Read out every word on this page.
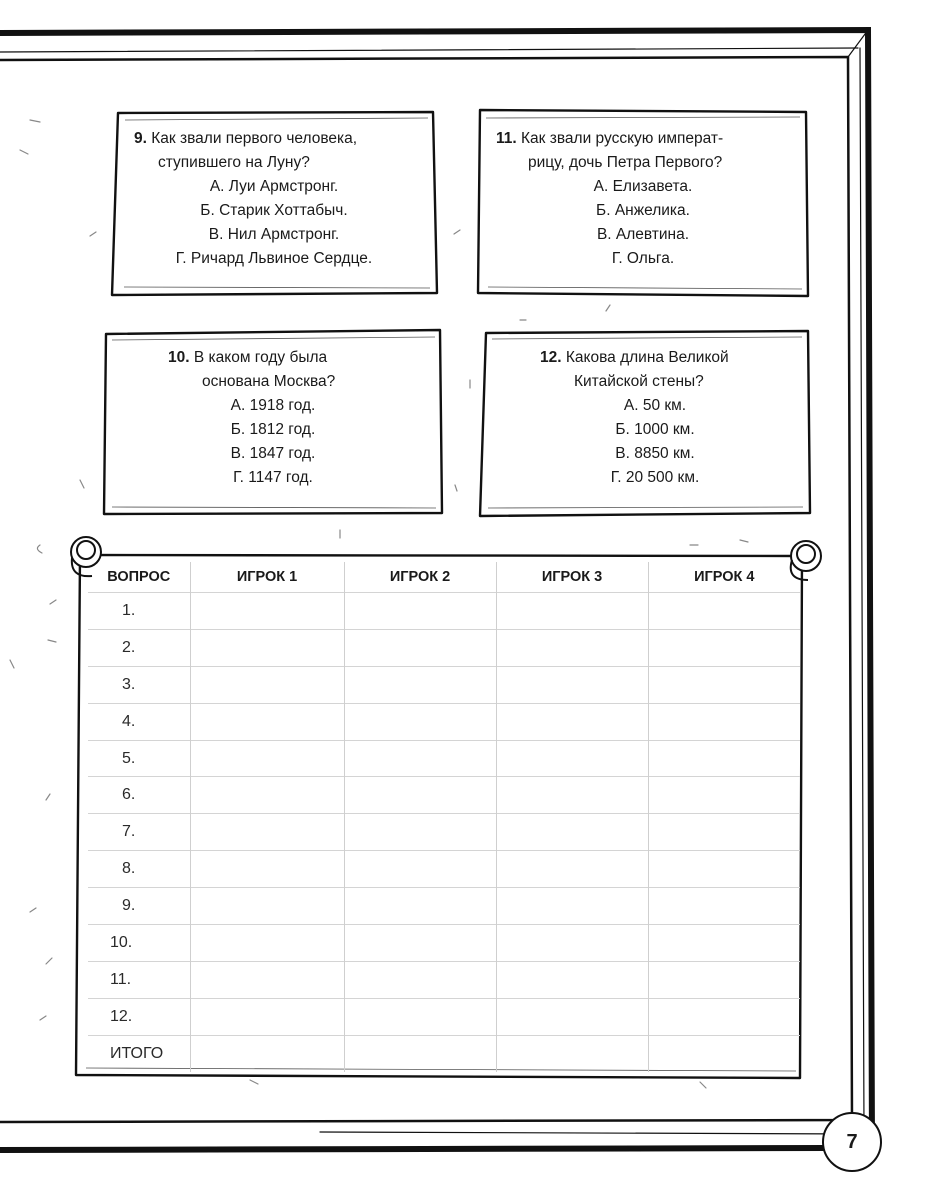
9. Как звали первого человека,
ступившего на Луну?
А. Луи Армстронг.
Б. Старик Хоттабыч.
В. Нил Армстронг.
Г. Ричард Львиное Сердце.
11. Как звали русскую императ-
рицу, дочь Петра Первого?
А. Елизавета.
Б. Анжелика.
В. Алевтина.
Г. Ольга.
10. В каком году была
основана Москва?
А. 1918 год.
Б. 1812 год.
В. 1847 год.
Г. 1147 год.
12. Какова длина Великой
Китайской стены?
А. 50 км.
Б. 1000 км.
В. 8850 км.
Г. 20 500 км.
ВОПРОС	ИГРОК 1	ИГРОК 2	ИГРОК 3	ИГРОК 4
1.				
2.				
3.				
4.				
5.				
6.				
7.				
8.				
9.				
10.				
11.				
12.				
ИТОГО				
7
